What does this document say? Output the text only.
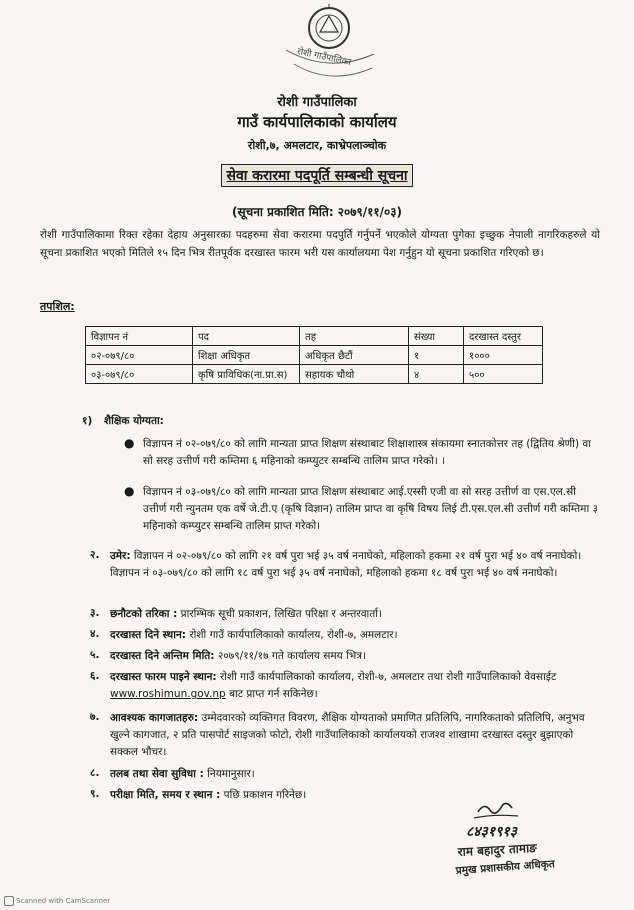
रोशी गाउँपालिका
रोशी गाउँपालिका
गाउँ कार्यपालिकाको कार्यालय
रोशी,७, अमलटार, काभ्रेपलाञ्चोक
सेवा करारमा पदपूर्ति सम्बन्धी सूचना
(सूचना प्रकाशित मिति: २०७९/११/०३)
रोशी गाउँपालिकामा रिक्त रहेका देहाय अनुसारका पदहरुमा सेवा करारमा पदपुर्ति गर्नुपर्ने भएकोले योग्यता पुगेका इच्छुक नेपाली नागरिकहरुले यो सूचना प्रकाशित भएको मितिले १५ दिन भित्र रीतपूर्वक दरखास्त फारम भरी यस कार्यालयमा पेश गर्नुहुन यो सूचना प्रकाशित गरिएको छ।
तपशिल:
विज्ञापन नं	पद	तह	संख्या	दरखास्त दस्तुर
०२-०७९/८०	शिक्षा अधिकृत	अधिकृत छैटौं	१	१०००
०३-०७९/८०	कृषि प्राविधिक(ना.प्रा.स)	सहायक चौथो	४	५००
१) शैक्षिक योग्यता:
● विज्ञापन नं ०२-०७९/८० को लागि मान्यता प्राप्त शिक्षण संस्थाबाट शिक्षाशास्त्र संकायमा स्नातकोत्तर तह (द्वितिय श्रेणी) वा सो सरह उत्तीर्ण गरी कम्तिमा ६ महिनाको कम्प्युटर सम्बन्धि तालिम प्राप्त गरेको। ।
● विज्ञापन नं ०३-०७९/८० को लागि मान्यता प्राप्त शिक्षण संस्थाबाट आई.एस्सी एजी वा सो सरह उत्तीर्ण वा एस.एल.सी उत्तीर्ण गरी न्युनतम एक वर्षे जे.टी.ए (कृषि विज्ञान) तालिम प्राप्त वा कृषि विषय लिई टी.एस.एल.सी उत्तीर्ण गरी कम्तिमा ३ महिनाको कम्प्युटर सम्बन्धि तालिम प्राप्त गरेको।
२. उमेर: विज्ञापन नं ०२-०७९/८० को लागि २१ वर्ष पुरा भई ३५ वर्ष ननाघेको, महिलाको हकमा २१ वर्ष पुरा भई ४० वर्ष ननाघेको। विज्ञापन नं ०३-०७९/८० को लागि १८ वर्ष पुरा भई ३५ वर्ष ननाघेको, महिलाको हकमा १८ वर्ष पुरा भई ४० वर्ष ननाघेको।
३. छनौटको तरिका : प्रारम्भिक सूची प्रकाशन, लिखित परिक्षा र अन्तरवार्ता।
४. दरखास्त दिने स्थान: रोशी गाउँ कार्यपालिकाको कार्यालय, रोशी-७, अमलटार।
५. दरखास्त दिने अन्तिम मिति: २०७९/११/१७ गते कार्यालय समय भित्र।
६. दरखास्त फारम पाइने स्थान: रोशी गाउँ कार्यपालिकाको कार्यालय, रोशी-७, अमलटार तथा रोशी गाउँपालिकाको वेवसाईट www.roshimun.gov.np बाट प्राप्त गर्न सकिनेछ।
७. आवश्यक कागजातहरु: उम्मेदवारको व्यक्तिगत विवरण, शैक्षिक योग्यताको प्रमाणित प्रतिलिपि, नागरिकताको प्रतिलिपि, अनुभव खुल्ने कागजात, २ प्रति पासपोर्ट साइजको फोटो, रोशी गाउँपालिकाको कार्यालयको राजश्व शाखामा दरखास्त दस्तुर बुझाएको सक्कल भौचर।
८. तलब तथा सेवा सुविधा : नियमानुसार।
९. परीक्षा मिति, समय र स्थान : पछि प्रकाशन गरिनेछ।
८४३१९१३
राम बहादुर तामाङ
प्रमुख प्रशासकीय अधिकृत
Scanned with CamScanner
